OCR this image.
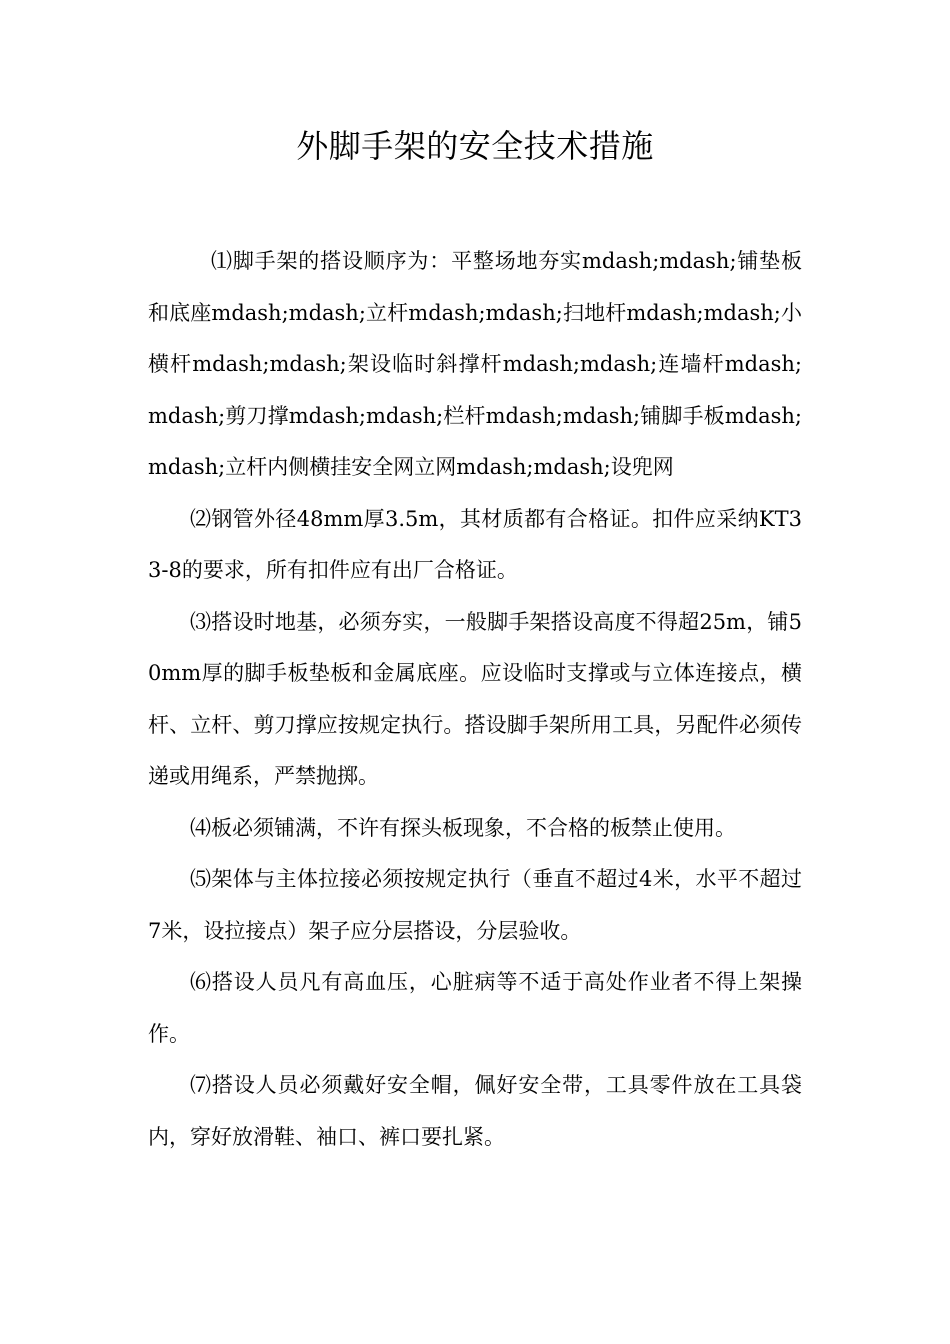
外脚手架的安全技术措施

⑴脚手架的搭设顺序为：平整场地夯实mdash;mdash;铺垫板和底座mdash;mdash;立杆mdash;mdash;扫地杆mdash;mdash;小横杆mdash;mdash;架设临时斜撑杆mdash;mdash;连墙杆mdash;mdash;剪刀撑mdash;mdash;栏杆mdash;mdash;铺脚手板mdash;mdash;立杆内侧横挂安全网立网mdash;mdash;设兜网

⑵钢管外径48mm厚3.5m，其材质都有合格证。扣件应采纳KT33-8的要求，所有扣件应有出厂合格证。

⑶搭设时地基，必须夯实，一般脚手架搭设高度不得超25m，铺50mm厚的脚手板垫板和金属底座。应设临时支撑或与立体连接点，横杆、立杆、剪刀撑应按规定执行。搭设脚手架所用工具，另配件必须传递或用绳系，严禁抛掷。

⑷板必须铺满，不许有探头板现象，不合格的板禁止使用。

⑸架体与主体拉接必须按规定执行（垂直不超过4米，水平不超过7米，设拉接点）架子应分层搭设，分层验收。

⑹搭设人员凡有高血压，心脏病等不适于高处作业者不得上架操作。

⑺搭设人员必须戴好安全帽，佩好安全带，工具零件放在工具袋内，穿好放滑鞋、袖口、裤口要扎紧。
